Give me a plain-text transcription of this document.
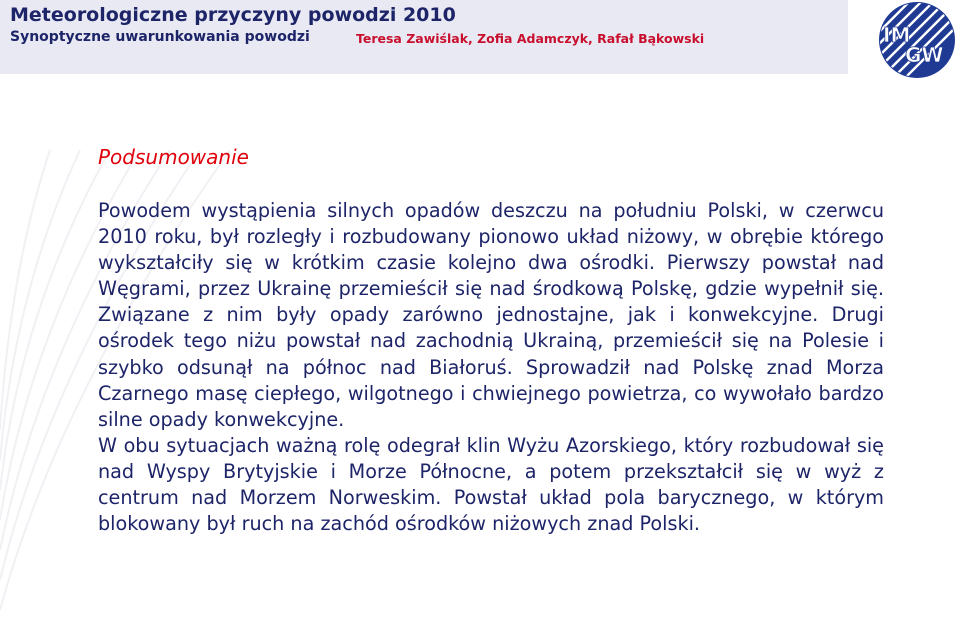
Meteorologiczne przyczyny powodzi 2010
Synoptyczne uwarunkowania powodzi	Teresa Zawiślak, Zofia Adamczyk, Rafał Bąkowski	IM
GW
Podsumowanie

Powodem wystąpienia silnych opadów deszczu na południu Polski, w czerwcu 2010 roku, był rozległy i rozbudowany pionowo układ niżowy, w obrębie którego wykształciły się w krótkim czasie kolejno dwa ośrodki. Pierwszy powstał nad Węgrami, przez Ukrainę przemieścił się nad środkową Polskę, gdzie wypełnił się. Związane z nim były opady zarówno jednostajne, jak i konwekcyjne. Drugi ośrodek tego niżu powstał nad zachodnią Ukrainą, przemieścił się na Polesie i szybko odsunął na północ nad Białoruś. Sprowadził nad Polskę znad Morza Czarnego masę ciepłego, wilgotnego i chwiejnego powietrza, co wywołało bardzo silne opady konwekcyjne.

W obu sytuacjach ważną rolę odegrał klin Wyżu Azorskiego, który rozbudował się nad Wyspy Brytyjskie i Morze Północne, a potem przekształcił się w wyż z centrum nad Morzem Norweskim. Powstał układ pola barycznego, w którym blokowany był ruch na zachód ośrodków niżowych znad Polski.
